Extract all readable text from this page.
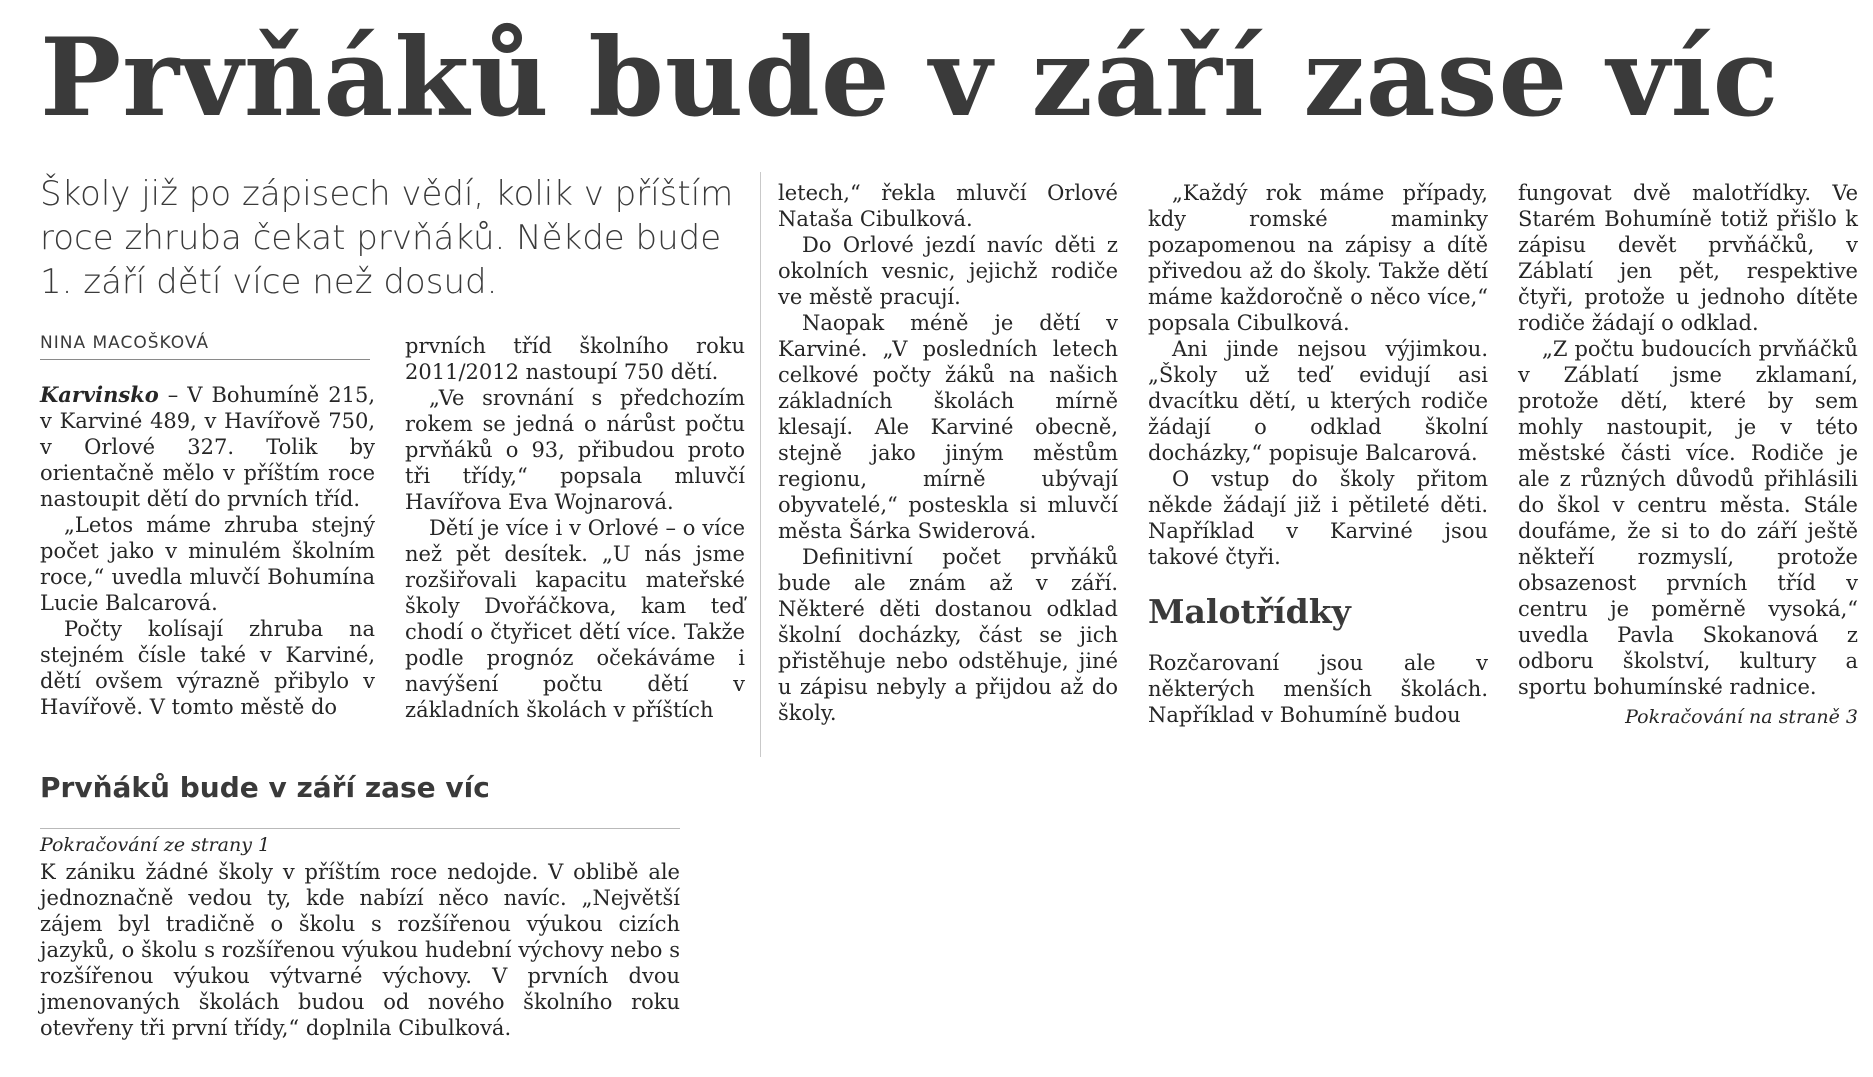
Prvňáků bude v září zase víc

Školy již po zápisech vědí, kolik v příštím roce zhruba čekat prvňáků. Někde bude 1. září dětí více než dosud.

NINA MACOŠKOVÁ

Karvinsko – V Bohumíně 215, v Karviné 489, v Havířově 750, v Orlové 327. Tolik by orientačně mělo v příštím roce nastoupit dětí do prvních tříd.

„Letos máme zhruba stejný počet jako v minulém školním roce,“ uvedla mluvčí Bohumína Lucie Balcarová.

Počty kolísají zhruba na stejném čísle také v Karviné, dětí ovšem výrazně přibylo v Havířově. V tomto městě do

prvních tříd školního roku 2011/2012 nastoupí 750 dětí.

„Ve srovnání s předchozím rokem se jedná o nárůst počtu prvňáků o 93, přibudou proto tři třídy,“ popsala mluvčí Havířova Eva Wojnarová.

Dětí je více i v Orlové – o více než pět desítek. „U nás jsme rozšiřovali kapacitu mateřské školy Dvořáčkova, kam teď chodí o čtyřicet dětí více. Takže podle prognóz očekáváme i navýšení počtu dětí v základních školách v příštích

letech,“ řekla mluvčí Orlové Nataša Cibulková.

Do Orlové jezdí navíc děti z okolních vesnic, jejichž rodiče ve městě pracují.

Naopak méně je dětí v Karviné. „V posledních letech celkové počty žáků na našich základních školách mírně klesají. Ale Karviné obecně, stejně jako jiným městům regionu, mírně ubývají obyvatelé,“ posteskla si mluvčí města Šárka Swiderová.

Definitivní počet prvňáků bude ale znám až v září. Některé děti dostanou odklad školní docházky, část se jich přistěhuje nebo odstěhuje, jiné u zápisu nebyly a přijdou až do školy.

„Každý rok máme případy, kdy romské maminky pozapomenou na zápisy a dítě přivedou až do školy. Takže dětí máme každoročně o něco více,“ popsala Cibulková.

Ani jinde nejsou výjimkou. „Školy už teď evidují asi dvacítku dětí, u kterých rodiče žádají o odklad školní docházky,“ popisuje Balcarová.

O vstup do školy přitom někde žádají již i pětileté děti. Například v Karviné jsou takové čtyři.

Malotřídky

Rozčarovaní jsou ale v některých menších školách. Například v Bohumíně budou

fungovat dvě malotřídky. Ve Starém Bohumíně totiž přišlo k zápisu devět prvňáčků, v Záblatí jen pět, respektive čtyři, protože u jednoho dítěte rodiče žádají o odklad.

„Z počtu budoucích prvňáčků v Záblatí jsme zklamaní, protože dětí, které by sem mohly nastoupit, je v této městské části více. Rodiče je ale z různých důvodů přihlásili do škol v centru města. Stále doufáme, že si to do září ještě někteří rozmyslí, protože obsazenost prvních tříd v centru je poměrně vysoká,“ uvedla Pavla Skokanová z odboru školství, kultury a sportu bohumínské radnice.

Pokračování na straně 3
Prvňáků bude v září zase víc
Pokračování ze strany 1

K zániku žádné školy v příštím roce nedojde. V oblibě ale jednoznačně vedou ty, kde nabízí něco navíc. „Největší zájem byl tradičně o školu s rozšířenou výukou cizích jazyků, o školu s rozšířenou výukou hudební výchovy nebo s rozšířenou výukou výtvarné výchovy. V prvních dvou jmenovaných školách budou od nového školního roku otevřeny tři první třídy,“ doplnila Cibulková.
